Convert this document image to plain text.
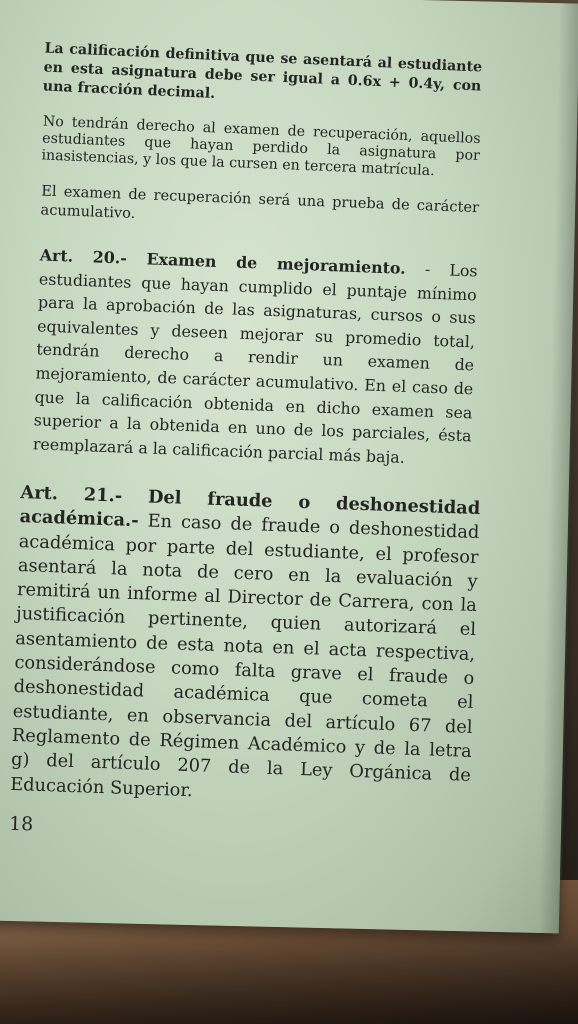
La calificación definitiva que se asentará al estudiante en esta asignatura debe ser igual a 0.6x + 0.4y, con una fracción decimal.

No tendrán derecho al examen de recuperación, aquellos estudiantes que hayan perdido la asignatura por inasistencias, y los que la cursen en tercera matrícula.

El examen de recuperación será una prueba de carácter acumulativo.

Art. 20.- Examen de mejoramiento. - Los estudiantes que hayan cumplido el puntaje mínimo para la aprobación de las asignaturas, cursos o sus equivalentes y deseen mejorar su promedio total, tendrán derecho a rendir un examen de mejoramiento, de carácter acumulativo. En el caso de que la calificación obtenida en dicho examen sea superior a la obtenida en uno de los parciales, ésta reemplazará a la calificación parcial más baja.

Art. 21.- Del fraude o deshonestidad académica.- En caso de fraude o deshonestidad académica por parte del estudiante, el profesor asentará la nota de cero en la evaluación y remitirá un informe al Director de Carrera, con la justificación pertinente, quien autorizará el asentamiento de esta nota en el acta respectiva, considerándose como falta grave el fraude o deshonestidad académica que cometa el estudiante, en observancia del artículo 67 del Reglamento de Régimen Académico y de la letra g) del artículo 207 de la Ley Orgánica de Educación Superior.

18
